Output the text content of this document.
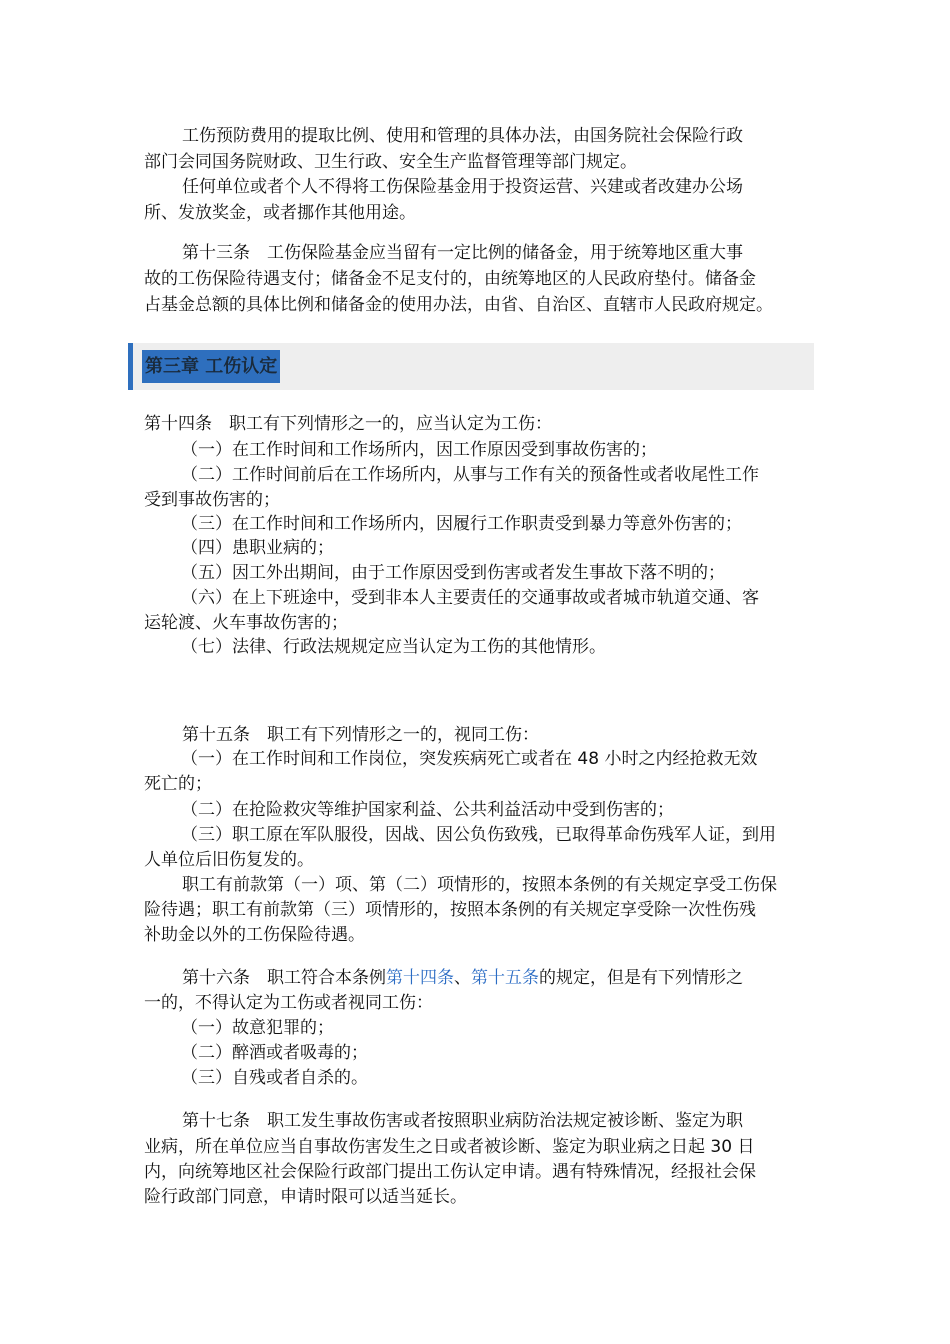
工伤预防费用的提取比例、使用和管理的具体办法，由国务院社会保险行政
部门会同国务院财政、卫生行政、安全生产监督管理等部门规定。
任何单位或者个人不得将工伤保险基金用于投资运营、兴建或者改建办公场
所、发放奖金，或者挪作其他用途。
第十三条　工伤保险基金应当留有一定比例的储备金，用于统筹地区重大事
故的工伤保险待遇支付；储备金不足支付的，由统筹地区的人民政府垫付。储备金
占基金总额的具体比例和储备金的使用办法，由省、自治区、直辖市人民政府规定。
第三章 工伤认定
第十四条　职工有下列情形之一的，应当认定为工伤：
（一）在工作时间和工作场所内，因工作原因受到事故伤害的；
（二）工作时间前后在工作场所内，从事与工作有关的预备性或者收尾性工作
受到事故伤害的；
（三）在工作时间和工作场所内，因履行工作职责受到暴力等意外伤害的；
（四）患职业病的；
（五）因工外出期间，由于工作原因受到伤害或者发生事故下落不明的；
（六）在上下班途中，受到非本人主要责任的交通事故或者城市轨道交通、客
运轮渡、火车事故伤害的；
（七）法律、行政法规规定应当认定为工伤的其他情形。
第十五条　职工有下列情形之一的，视同工伤：
（一）在工作时间和工作岗位，突发疾病死亡或者在 48 小时之内经抢救无效
死亡的；
（二）在抢险救灾等维护国家利益、公共利益活动中受到伤害的；
（三）职工原在军队服役，因战、因公负伤致残，已取得革命伤残军人证，到用
人单位后旧伤复发的。
职工有前款第（一）项、第（二）项情形的，按照本条例的有关规定享受工伤保
险待遇；职工有前款第（三）项情形的，按照本条例的有关规定享受除一次性伤残
补助金以外的工伤保险待遇。
第十六条　职工符合本条例第十四条、第十五条的规定，但是有下列情形之
一的，不得认定为工伤或者视同工伤：
（一）故意犯罪的；
（二）醉酒或者吸毒的；
（三）自残或者自杀的。
第十七条　职工发生事故伤害或者按照职业病防治法规定被诊断、鉴定为职
业病，所在单位应当自事故伤害发生之日或者被诊断、鉴定为职业病之日起 30 日
内，向统筹地区社会保险行政部门提出工伤认定申请。遇有特殊情况，经报社会保
险行政部门同意，申请时限可以适当延长。
